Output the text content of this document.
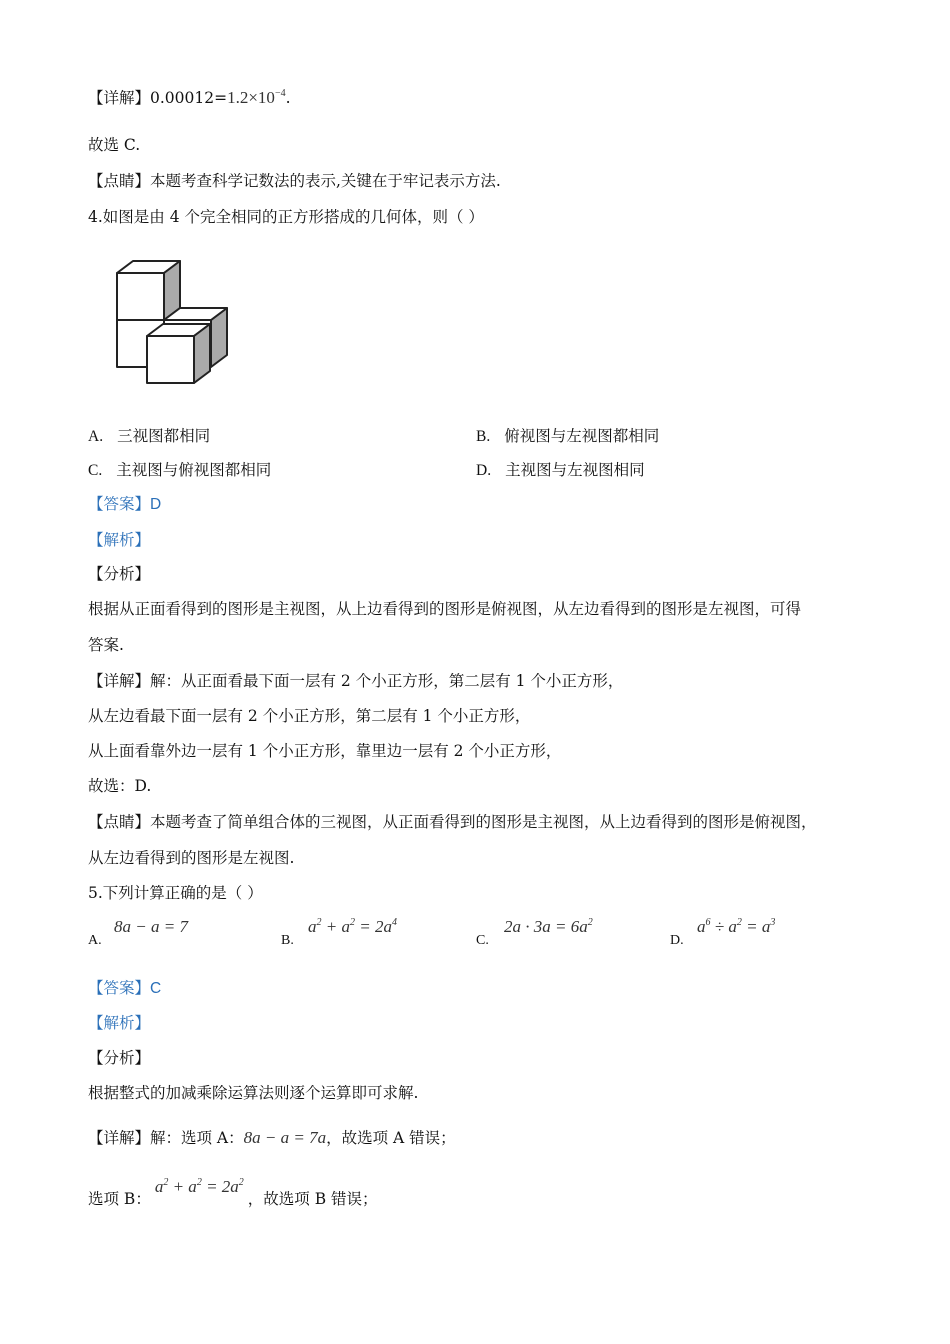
【详解】$0.00012=1.2\times 10^{-4}$.
故选 C.
【点睛】本题考查科学记数法的表示,关键在于牢记表示方法.
4.如图是由 4 个完全相同的正方形搭成的几何体，则（ ）
A. 三视图都相同	B. 俯视图与左视图都相同
C. 主视图与俯视图都相同	D. 主视图与左视图相同
【答案】D
【解析】
【分析】
根据从正面看得到的图形是主视图，从上边看得到的图形是俯视图，从左边看得到的图形是左视图，可得
答案.
【详解】解：从正面看最下面一层有 2 个小正方形，第二层有 1 个小正方形，
从左边看最下面一层有 2 个小正方形，第二层有 1 个小正方形，
从上面看靠外边一层有 1 个小正方形，靠里边一层有 2 个小正方形，
故选：D.
【点睛】本题考查了简单组合体的三视图，从正面看得到的图形是主视图，从上边看得到的图形是俯视图，
从左边看得到的图形是左视图.
5.下列计算正确的是（ ）
A.
8a − a = 7
B.
$a^2 + a^2 = 2a^4$
C.
$2a \cdot 3a = 6a^2$
D.
$a^6 \div a^2 = a^3$
【答案】C
【解析】
【分析】
根据整式的加减乘除运算法则逐个运算即可求解.
【详解】解：选项 A：8a − a = 7a，故选项 A 错误；
选项 B：$a^2 + a^2 = 2a^2$，故选项 B 错误；
